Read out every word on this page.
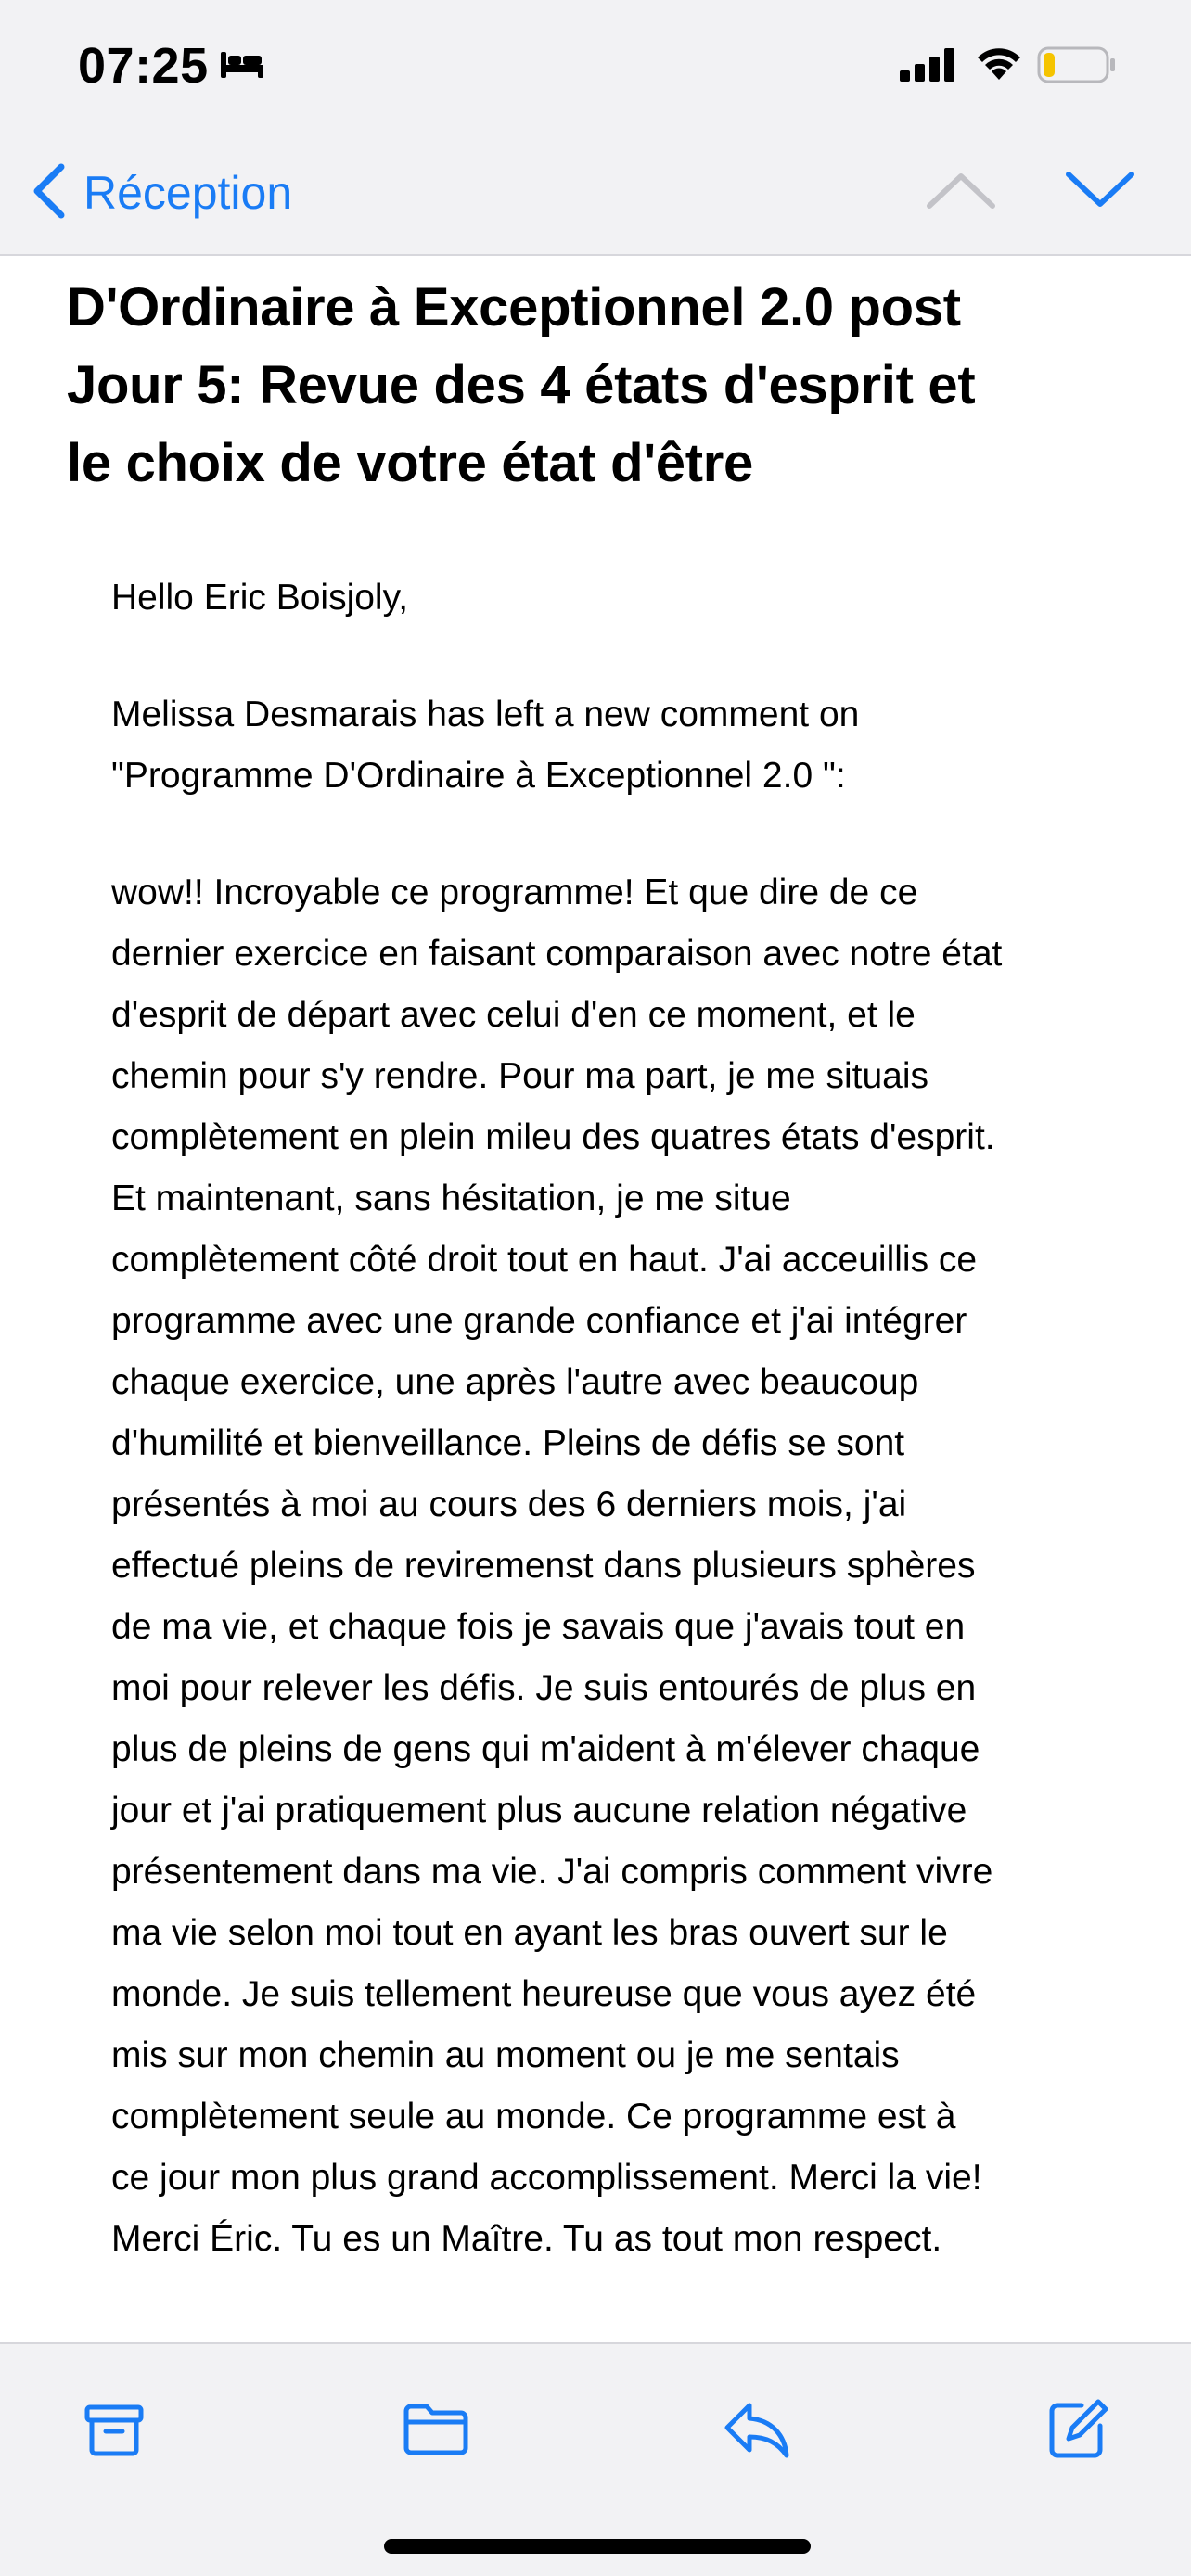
07:25
Réception
D'Ordinaire à Exceptionnel 2.0 post
Jour 5: Revue des 4 états d'esprit et
le choix de votre état d'être

Hello Eric Boisjoly,

Melissa Desmarais has left a new comment on
"Programme D'Ordinaire à Exceptionnel 2.0 ":

wow!! Incroyable ce programme! Et que dire de ce
dernier exercice en faisant comparaison avec notre état
d'esprit de départ avec celui d'en ce moment, et le
chemin pour s'y rendre. Pour ma part, je me situais
complètement en plein mileu des quatres états d'esprit.
Et maintenant, sans hésitation, je me situe
complètement côté droit tout en haut. J'ai acceuillis ce
programme avec une grande confiance et j'ai intégrer
chaque exercice, une après l'autre avec beaucoup
d'humilité et bienveillance. Pleins de défis se sont
présentés à moi au cours des 6 derniers mois, j'ai
effectué pleins de reviremenst dans plusieurs sphères
de ma vie, et chaque fois je savais que j'avais tout en
moi pour relever les défis. Je suis entourés de plus en
plus de pleins de gens qui m'aident à m'élever chaque
jour et j'ai pratiquement plus aucune relation négative
présentement dans ma vie. J'ai compris comment vivre
ma vie selon moi tout en ayant les bras ouvert sur le
monde. Je suis tellement heureuse que vous ayez été
mis sur mon chemin au moment ou je me sentais
complètement seule au monde. Ce programme est à
ce jour mon plus grand accomplissement. Merci la vie!
Merci Éric. Tu es un Maître. Tu as tout mon respect.
